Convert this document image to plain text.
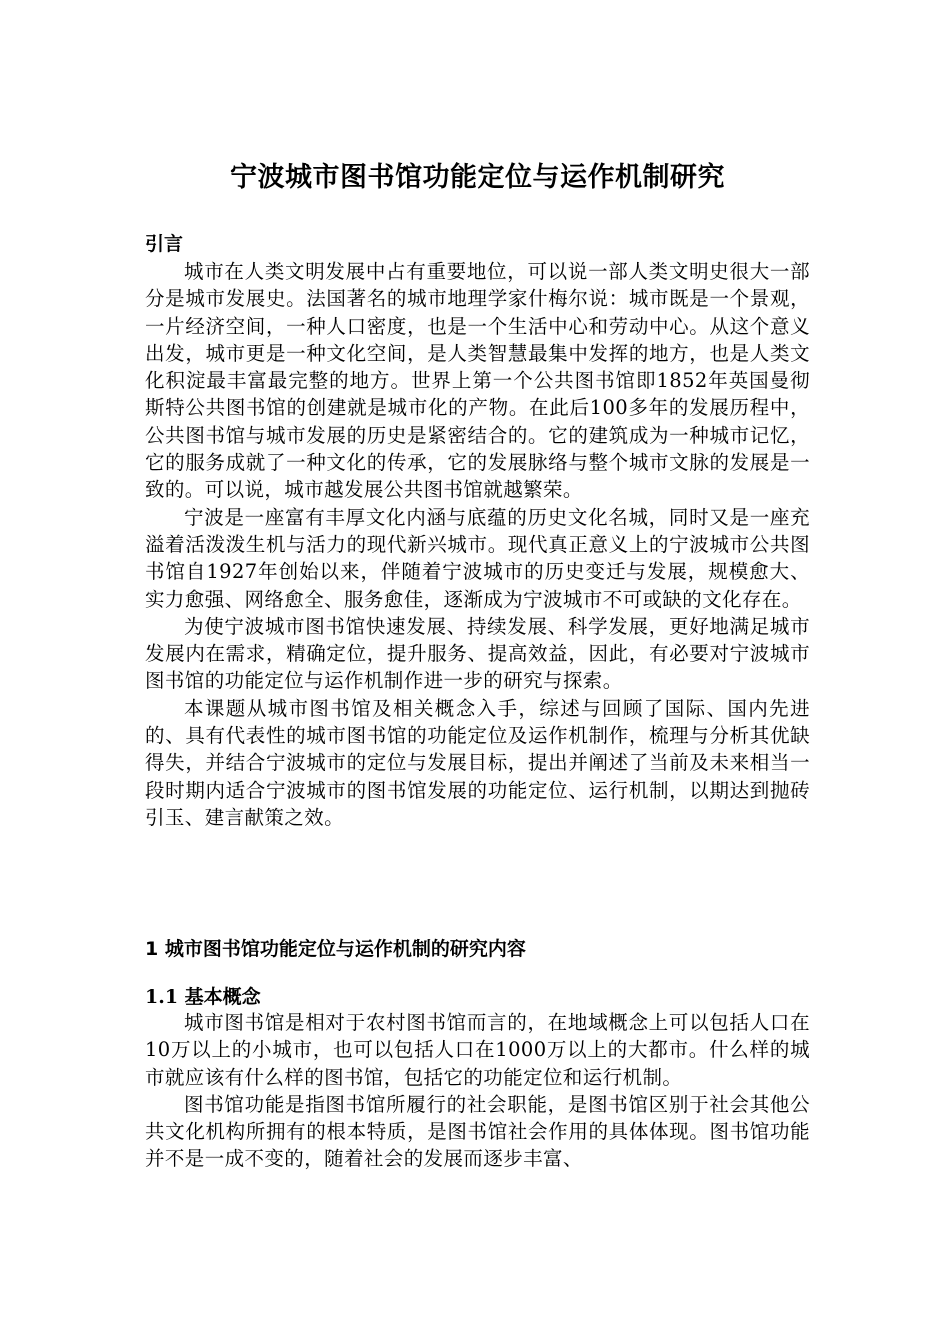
宁波城市图书馆功能定位与运作机制研究
引言

城市在人类文明发展中占有重要地位，可以说一部人类文明史很大一部分是城市发展史。法国著名的城市地理学家什梅尔说：城市既是一个景观，一片经济空间，一种人口密度，也是一个生活中心和劳动中心。从这个意义出发，城市更是一种文化空间，是人类智慧最集中发挥的地方，也是人类文化积淀最丰富最完整的地方。世界上第一个公共图书馆即1852年英国曼彻斯特公共图书馆的创建就是城市化的产物。在此后100多年的发展历程中，公共图书馆与城市发展的历史是紧密结合的。它的建筑成为一种城市记忆，它的服务成就了一种文化的传承，它的发展脉络与整个城市文脉的发展是一致的。可以说，城市越发展公共图书馆就越繁荣。

宁波是一座富有丰厚文化内涵与底蕴的历史文化名城，同时又是一座充溢着活泼泼生机与活力的现代新兴城市。现代真正意义上的宁波城市公共图书馆自1927年创始以来，伴随着宁波城市的历史变迁与发展，规模愈大、实力愈强、网络愈全、服务愈佳，逐渐成为宁波城市不可或缺的文化存在。

为使宁波城市图书馆快速发展、持续发展、科学发展，更好地满足城市发展内在需求，精确定位，提升服务、提高效益，因此，有必要对宁波城市图书馆的功能定位与运作机制作进一步的研究与探索。

本课题从城市图书馆及相关概念入手，综述与回顾了国际、国内先进的、具有代表性的城市图书馆的功能定位及运作机制作，梳理与分析其优缺得失，并结合宁波城市的定位与发展目标，提出并阐述了当前及未来相当一段时期内适合宁波城市的图书馆发展的功能定位、运行机制，以期达到抛砖引玉、建言献策之效。

1 城市图书馆功能定位与运作机制的研究内容
1.1 基本概念

城市图书馆是相对于农村图书馆而言的，在地域概念上可以包括人口在10万以上的小城市，也可以包括人口在1000万以上的大都市。什么样的城市就应该有什么样的图书馆，包括它的功能定位和运行机制。

图书馆功能是指图书馆所履行的社会职能，是图书馆区别于社会其他公共文化机构所拥有的根本特质，是图书馆社会作用的具体体现。图书馆功能并不是一成不变的，随着社会的发展而逐步丰富、
